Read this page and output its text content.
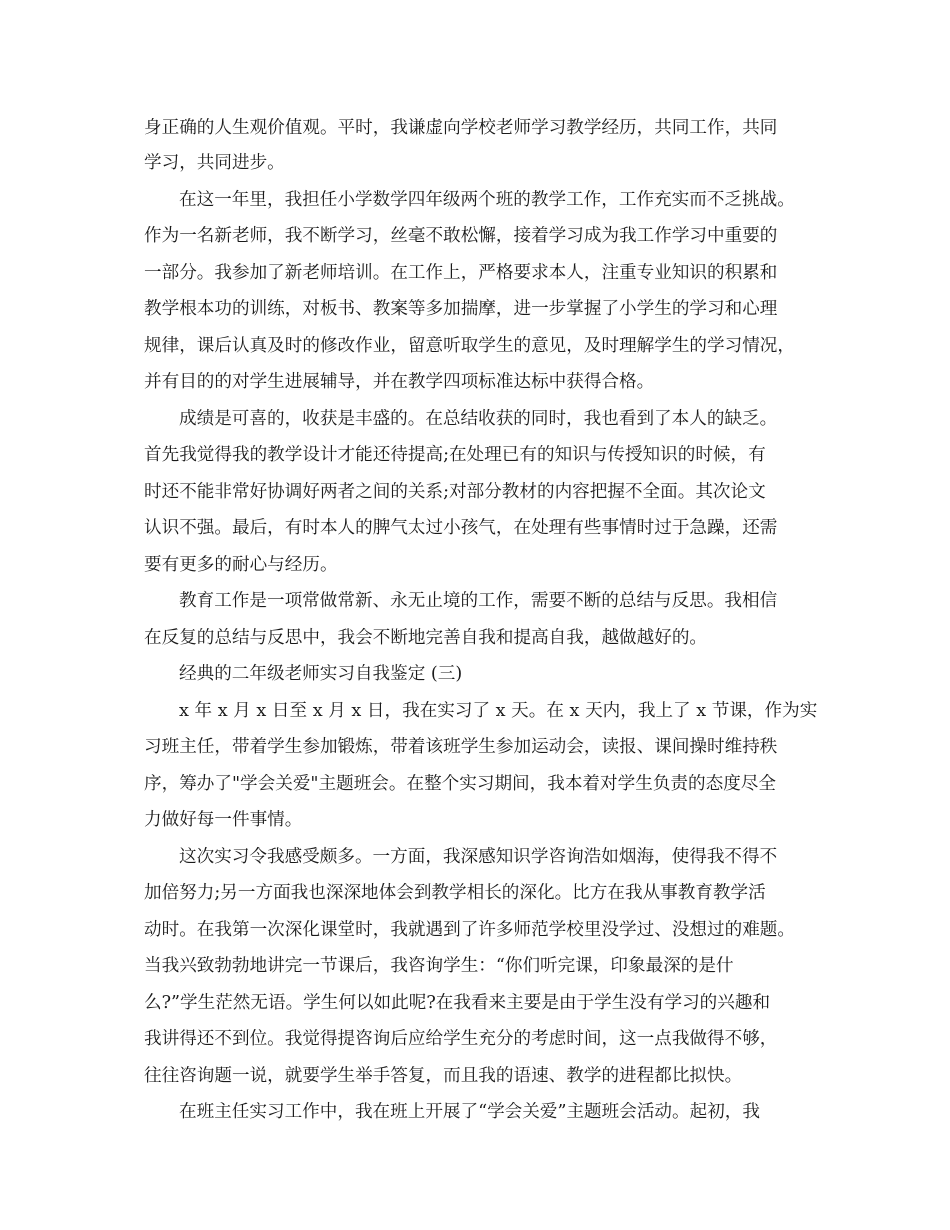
身正确的人生观价值观。平时，我谦虚向学校老师学习教学经历，共同工作，共同
学习，共同进步。
在这一年里，我担任小学数学四年级两个班的教学工作，工作充实而不乏挑战。
作为一名新老师，我不断学习，丝毫不敢松懈，接着学习成为我工作学习中重要的
一部分。我参加了新老师培训。在工作上，严格要求本人，注重专业知识的积累和
教学根本功的训练，对板书、教案等多加揣摩，进一步掌握了小学生的学习和心理
规律，课后认真及时的修改作业，留意听取学生的意见，及时理解学生的学习情况，
并有目的的对学生进展辅导，并在教学四项标准达标中获得合格。
成绩是可喜的，收获是丰盛的。在总结收获的同时，我也看到了本人的缺乏。
首先我觉得我的教学设计才能还待提高;在处理已有的知识与传授知识的时候，有
时还不能非常好协调好两者之间的关系;对部分教材的内容把握不全面。其次论文
认识不强。最后，有时本人的脾气太过小孩气，在处理有些事情时过于急躁，还需
要有更多的耐心与经历。
教育工作是一项常做常新、永无止境的工作，需要不断的总结与反思。我相信
在反复的总结与反思中，我会不断地完善自我和提高自我，越做越好的。
经典的二年级老师实习自我鉴定 (三)
x 年 x 月 x 日至 x 月 x 日，我在实习了 x 天。在 x 天内，我上了 x 节课，作为实
习班主任，带着学生参加锻炼，带着该班学生参加运动会，读报、课间操时维持秩
序，筹办了"学会关爱"主题班会。在整个实习期间，我本着对学生负责的态度尽全
力做好每一件事情。
这次实习令我感受颇多。一方面，我深感知识学咨询浩如烟海，使得我不得不
加倍努力;另一方面我也深深地体会到教学相长的深化。比方在我从事教育教学活
动时。在我第一次深化课堂时，我就遇到了许多师范学校里没学过、没想过的难题。
当我兴致勃勃地讲完一节课后，我咨询学生：“你们听完课，印象最深的是什
么?”学生茫然无语。学生何以如此呢?在我看来主要是由于学生没有学习的兴趣和
我讲得还不到位。我觉得提咨询后应给学生充分的考虑时间，这一点我做得不够，
往往咨询题一说，就要学生举手答复，而且我的语速、教学的进程都比拟快。
在班主任实习工作中，我在班上开展了“学会关爱”主题班会活动。起初，我
